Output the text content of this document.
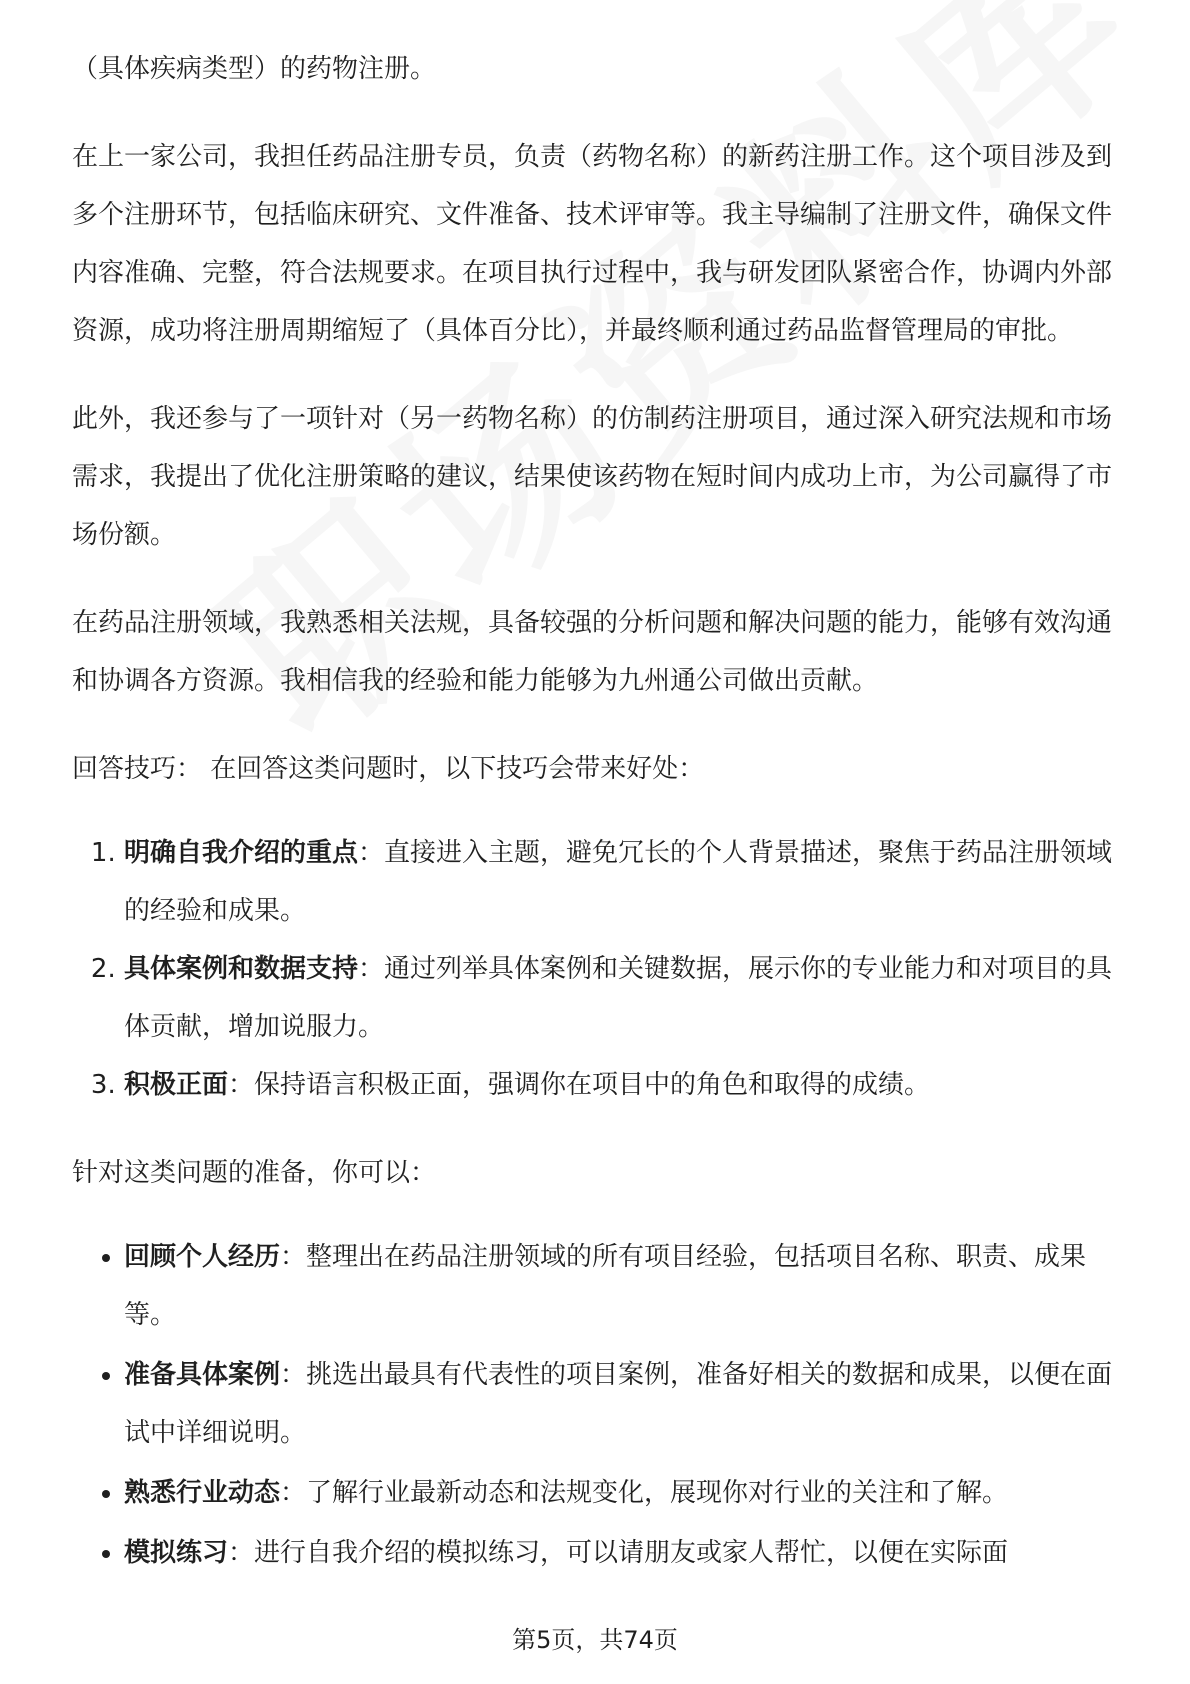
（具体疾病类型）的药物注册。

在上一家公司，我担任药品注册专员，负责（药物名称）的新药注册工作。这个项目涉及到多个注册环节，包括临床研究、文件准备、技术评审等。我主导编制了注册文件，确保文件内容准确、完整，符合法规要求。在项目执行过程中，我与研发团队紧密合作，协调内外部资源，成功将注册周期缩短了（具体百分比），并最终顺利通过药品监督管理局的审批。

此外，我还参与了一项针对（另一药物名称）的仿制药注册项目，通过深入研究法规和市场需求，我提出了优化注册策略的建议，结果使该药物在短时间内成功上市，为公司赢得了市场份额。

在药品注册领域，我熟悉相关法规，具备较强的分析问题和解决问题的能力，能够有效沟通和协调各方资源。我相信我的经验和能力能够为九州通公司做出贡献。

回答技巧： 在回答这类问题时，以下技巧会带来好处：

1. 明确自我介绍的重点：直接进入主题，避免冗长的个人背景描述，聚焦于药品注册领域的经验和成果。
2. 具体案例和数据支持：通过列举具体案例和关键数据，展示你的专业能力和对项目的具体贡献，增加说服力。
3. 积极正面：保持语言积极正面，强调你在项目中的角色和取得的成绩。

针对这类问题的准备，你可以：

• 回顾个人经历：整理出在药品注册领域的所有项目经验，包括项目名称、职责、成果等。
• 准备具体案例：挑选出最具有代表性的项目案例，准备好相关的数据和成果，以便在面试中详细说明。
• 熟悉行业动态：了解行业最新动态和法规变化，展现你对行业的关注和了解。
• 模拟练习：进行自我介绍的模拟练习，可以请朋友或家人帮忙，以便在实际面
第5页，共74页
